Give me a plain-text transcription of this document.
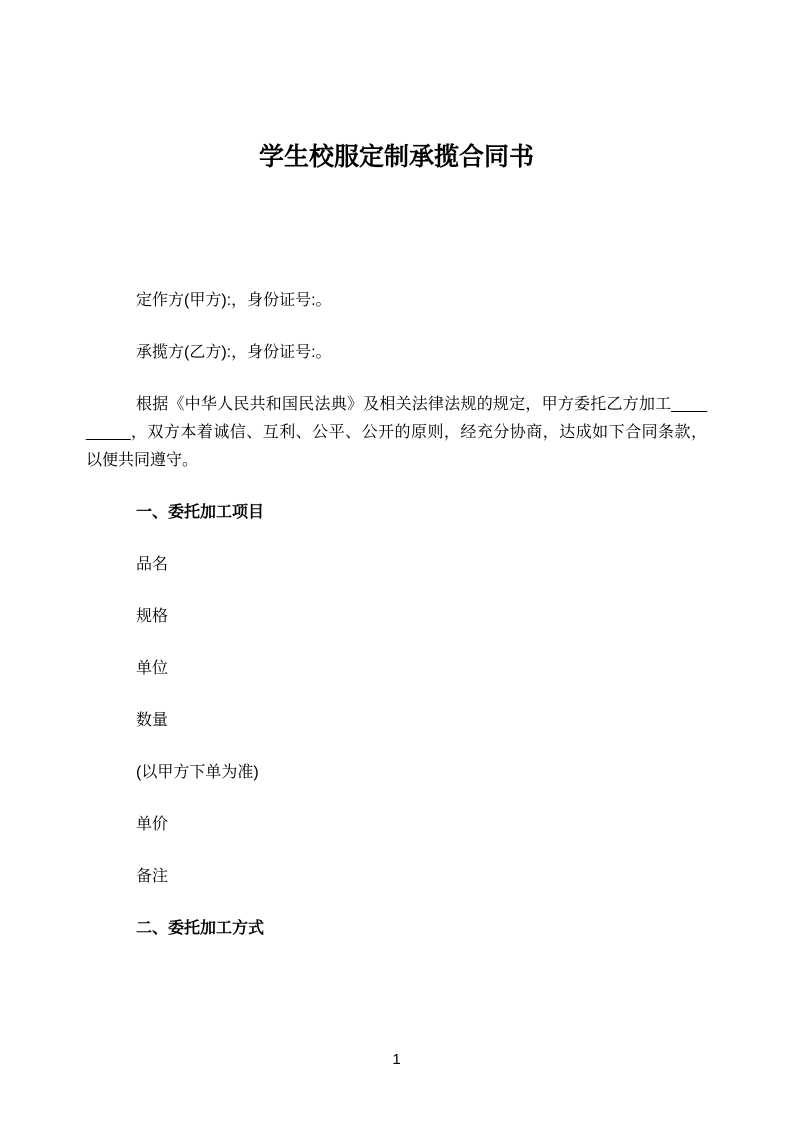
学生校服定制承揽合同书

定作方(甲方):，身份证号:。

承揽方(乙方):，身份证号:。

根据《中华人民共和国民法典》及相关法律法规的规定，甲方委托乙方加工____
_____，双方本着诚信、互利、公平、公开的原则，经充分协商，达成如下合同条款，
以便共同遵守。

一、委托加工项目

品名

规格

单位

数量

(以甲方下单为准)

单价

备注

二、委托加工方式

1
